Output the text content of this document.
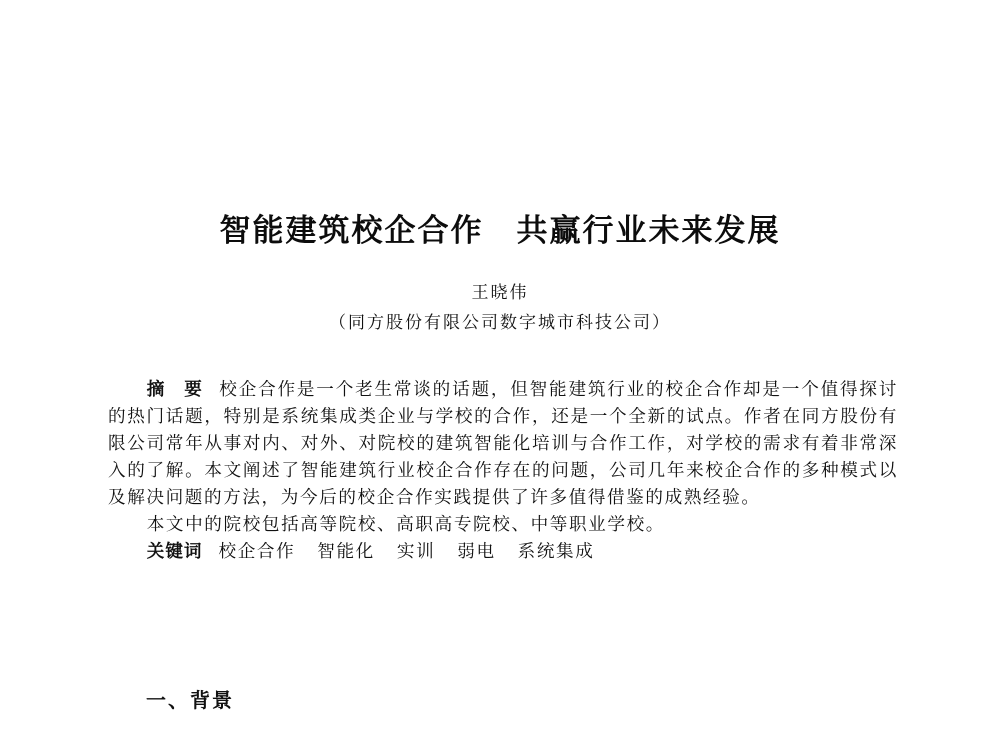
智能建筑校企合作　共赢行业未来发展
王晓伟
（同方股份有限公司数字城市科技公司）

摘　要 校企合作是一个老生常谈的话题，但智能建筑行业的校企合作却是一个值得探讨的热门话题，特别是系统集成类企业与学校的合作，还是一个全新的试点。作者在同方股份有限公司常年从事对内、对外、对院校的建筑智能化培训与合作工作，对学校的需求有着非常深入的了解。本文阐述了智能建筑行业校企合作存在的问题，公司几年来校企合作的多种模式以及解决问题的方法，为今后的校企合作实践提供了许多值得借鉴的成熟经验。

本文中的院校包括高等院校、高职高专院校、中等职业学校。

关键词 校企合作 智能化 实训 弱电 系统集成

一、背景
